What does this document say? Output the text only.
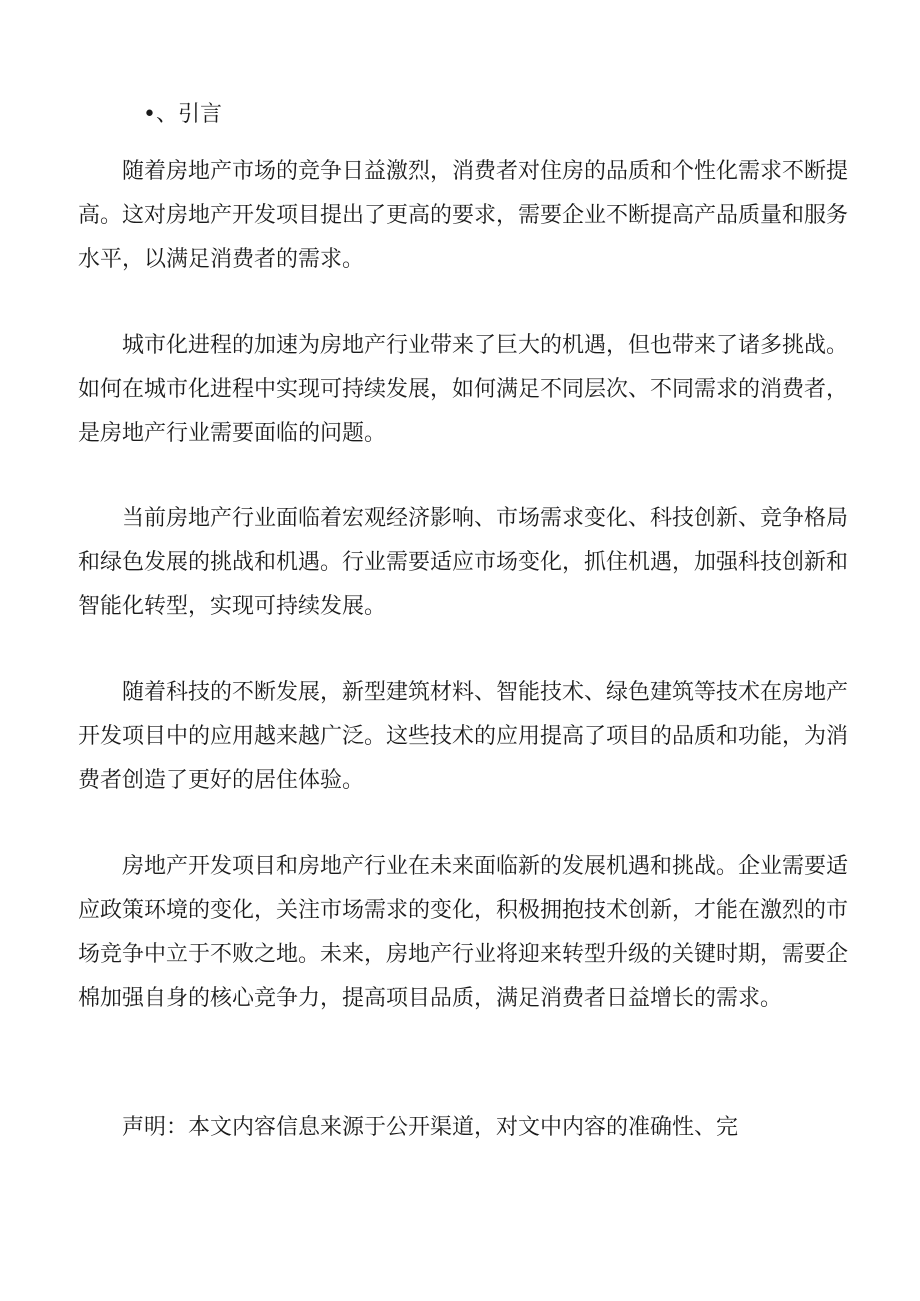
•、引言

随着房地产市场的竞争日益激烈，消费者对住房的品质和个性化需求不断提高。这对房地产开发项目提出了更高的要求，需要企业不断提高产品质量和服务水平，以满足消费者的需求。

城市化进程的加速为房地产行业带来了巨大的机遇，但也带来了诸多挑战。如何在城市化进程中实现可持续发展，如何满足不同层次、不同需求的消费者，是房地产行业需要面临的问题。

当前房地产行业面临着宏观经济影响、市场需求变化、科技创新、竞争格局和绿色发展的挑战和机遇。行业需要适应市场变化，抓住机遇，加强科技创新和智能化转型，实现可持续发展。

随着科技的不断发展，新型建筑材料、智能技术、绿色建筑等技术在房地产开发项目中的应用越来越广泛。这些技术的应用提高了项目的品质和功能，为消费者创造了更好的居住体验。

房地产开发项目和房地产行业在未来面临新的发展机遇和挑战。企业需要适应政策环境的变化，关注市场需求的变化，积极拥抱技术创新，才能在激烈的市场竞争中立于不败之地。未来，房地产行业将迎来转型升级的关键时期，需要企棉加强自身的核心竞争力，提高项目品质，满足消费者日益增长的需求。

声明：本文内容信息来源于公开渠道，对文中内容的准确性、完
